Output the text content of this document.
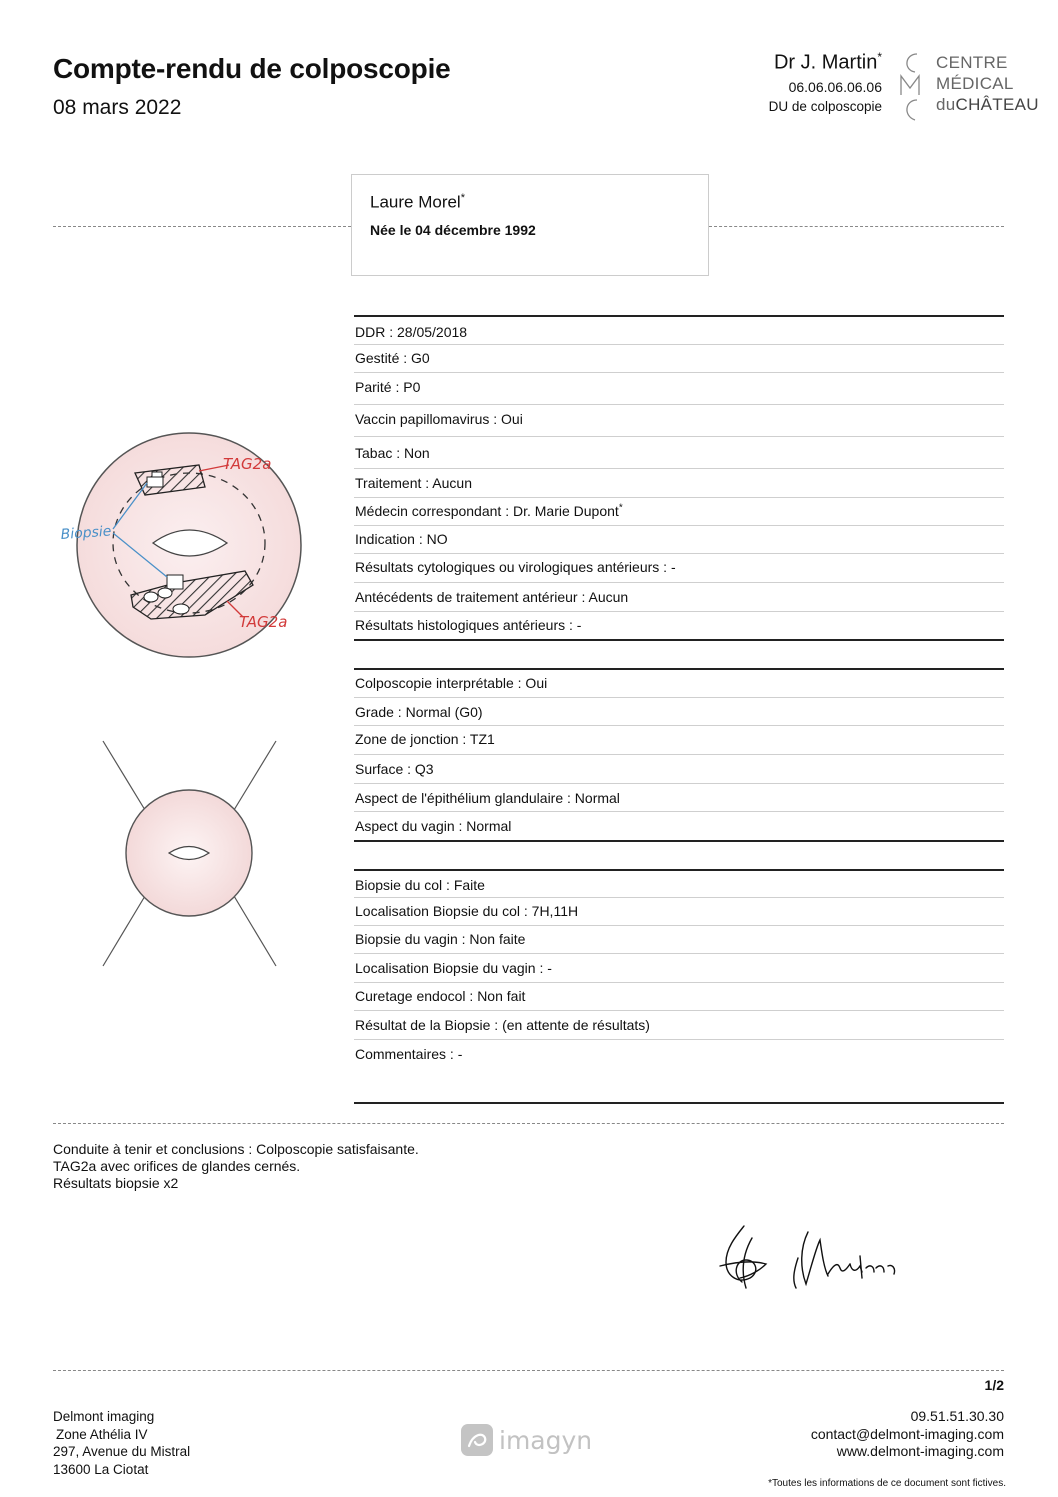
Compte-rendu de colposcopie
08 mars 2022
Dr J. Martin*
06.06.06.06.06
DU de colposcopie
CENTRE
MÉDICAL
duCHÂTEAU
Laure Morel*
Née le 04 décembre 1992
DDR : 28/05/2018
Gestité : G0
Parité : P0
Vaccin papillomavirus : Oui
Tabac : Non
Traitement : Aucun
Médecin correspondant : Dr. Marie Dupont*
Indication : NO
Résultats cytologiques ou virologiques antérieurs : -
Antécédents de traitement antérieur : Aucun
Résultats histologiques antérieurs : -
Colposcopie interprétable : Oui
Grade : Normal (G0)
Zone de jonction : TZ1
Surface : Q3
Aspect de l'épithélium glandulaire : Normal
Aspect du vagin : Normal
Biopsie du col : Faite
Localisation Biopsie du col : 7H,11H
Biopsie du vagin : Non faite
Localisation Biopsie du vagin : -
Curetage endocol : Non fait
Résultat de la Biopsie : (en attente de résultats)
Commentaires : -
TAG2a
Biopsie
TAG2a
Conduite à tenir et conclusions : Colposcopie satisfaisante.
TAG2a avec orifices de glandes cernés.
Résultats biopsie x2
1/2
Delmont imaging
Zone Athélia IV
297, Avenue du Mistral
13600 La Ciotat
imagyn
09.51.51.30.30
contact@delmont-imaging.com
www.delmont-imaging.com
*Toutes les informations de ce document sont fictives.
